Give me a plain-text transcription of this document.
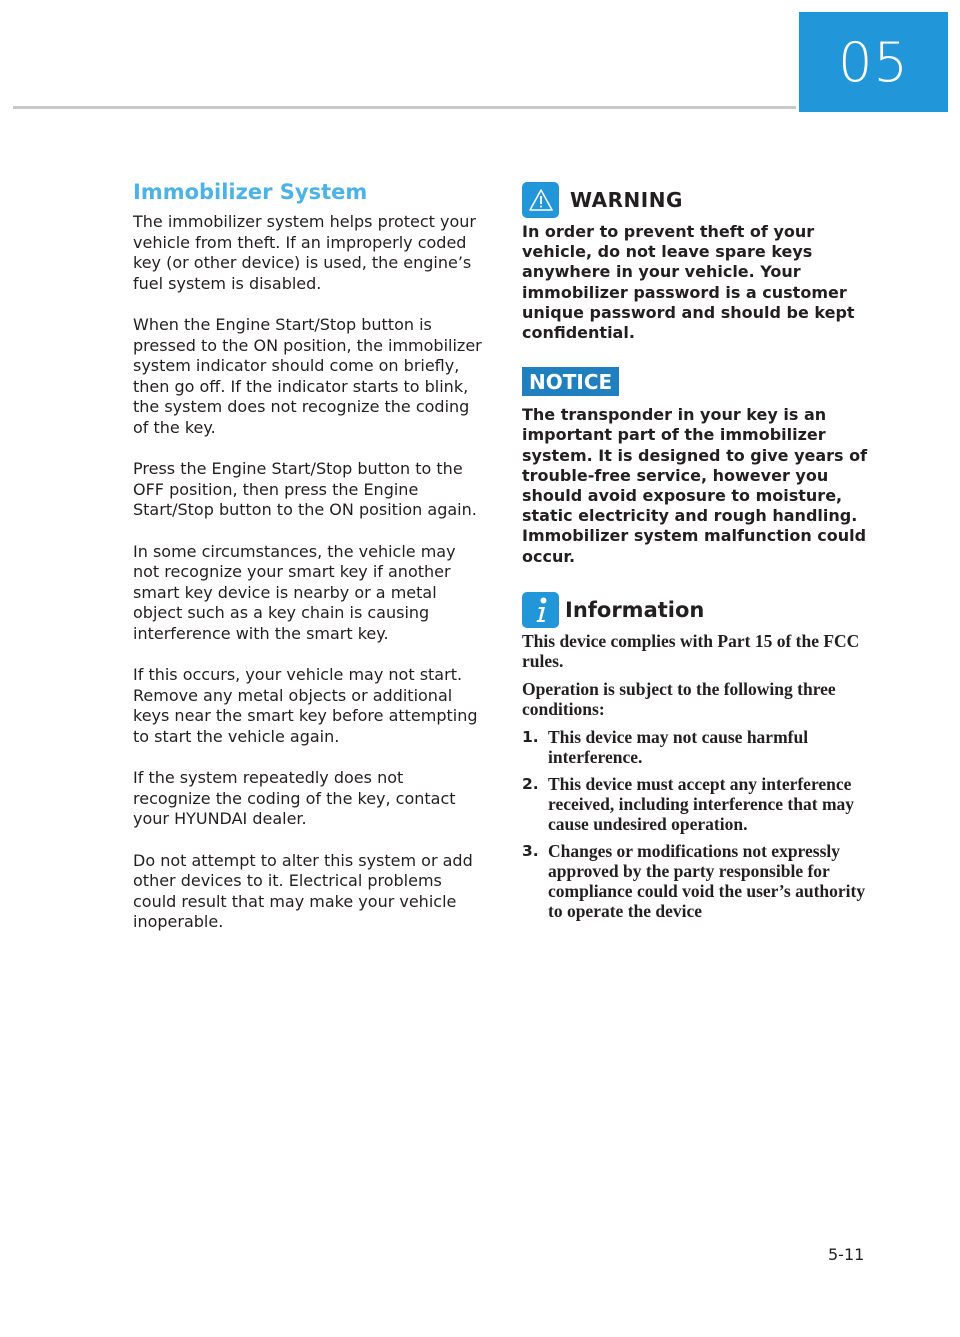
05
Immobilizer System

The immobilizer system helps protect your vehicle from theft. If an improperly coded key (or other device) is used, the engine’s fuel system is disabled.

When the Engine Start/Stop button is pressed to the ON position, the immobilizer system indicator should come on briefly, then go off. If the indicator starts to blink, the system does not recognize the coding of the key.

Press the Engine Start/Stop button to the OFF position, then press the Engine Start/Stop button to the ON position again.

In some circumstances, the vehicle may not recognize your smart key if another smart key device is nearby or a metal object such as a key chain is causing interference with the smart key.

If this occurs, your vehicle may not start. Remove any metal objects or additional keys near the smart key before attempting to start the vehicle again.

If the system repeatedly does not recognize the coding of the key, contact your HYUNDAI dealer.

Do not attempt to alter this system or add other devices to it. Electrical problems could result that may make your vehicle inoperable.

WARNING

In order to prevent theft of your vehicle, do not leave spare keys anywhere in your vehicle. Your immobilizer password is a customer unique password and should be kept confidential.

NOTICE

The transponder in your key is an important part of the immobilizer system. It is designed to give years of trouble-free service, however you should avoid exposure to moisture, static electricity and rough handling. Immobilizer system malfunction could occur.

Information

This device complies with Part 15 of the FCC rules.

Operation is subject to the following three conditions:

1. This device may not cause harmful interference.
2. This device must accept any interference received, including interference that may cause undesired operation.
3. Changes or modifications not expressly approved by the party responsible for compliance could void the user’s authority to operate the device
5-11
